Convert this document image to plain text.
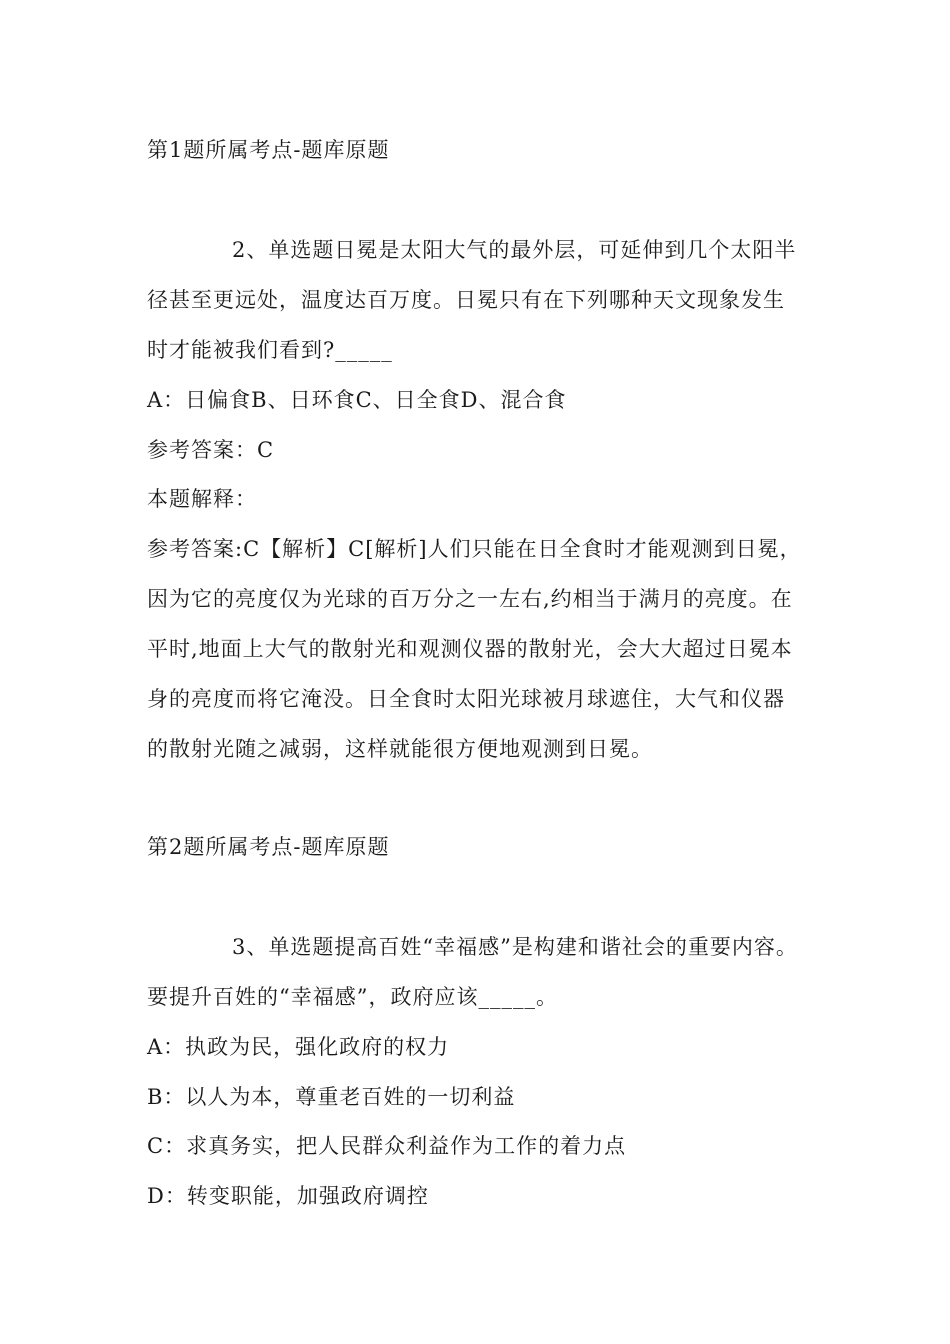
第1题所属考点-题库原题
2、单选题日冕是太阳大气的最外层，可延伸到几个太阳半
径甚至更远处，温度达百万度。日冕只有在下列哪种天文现象发生
时才能被我们看到?_____
A：日偏食B、日环食C、日全食D、混合食
参考答案：C
本题解释：
参考答案:C【解析】C[解析]人们只能在日全食时才能观测到日冕，
因为它的亮度仅为光球的百万分之一左右,约相当于满月的亮度。在
平时,地面上大气的散射光和观测仪器的散射光，会大大超过日冕本
身的亮度而将它淹没。日全食时太阳光球被月球遮住，大气和仪器
的散射光随之减弱，这样就能很方便地观测到日冕。
第2题所属考点-题库原题
3、单选题提高百姓“幸福感”是构建和谐社会的重要内容。
要提升百姓的“幸福感”，政府应该_____。
A：执政为民，强化政府的权力
B：以人为本，尊重老百姓的一切利益
C：求真务实，把人民群众利益作为工作的着力点
D：转变职能，加强政府调控
